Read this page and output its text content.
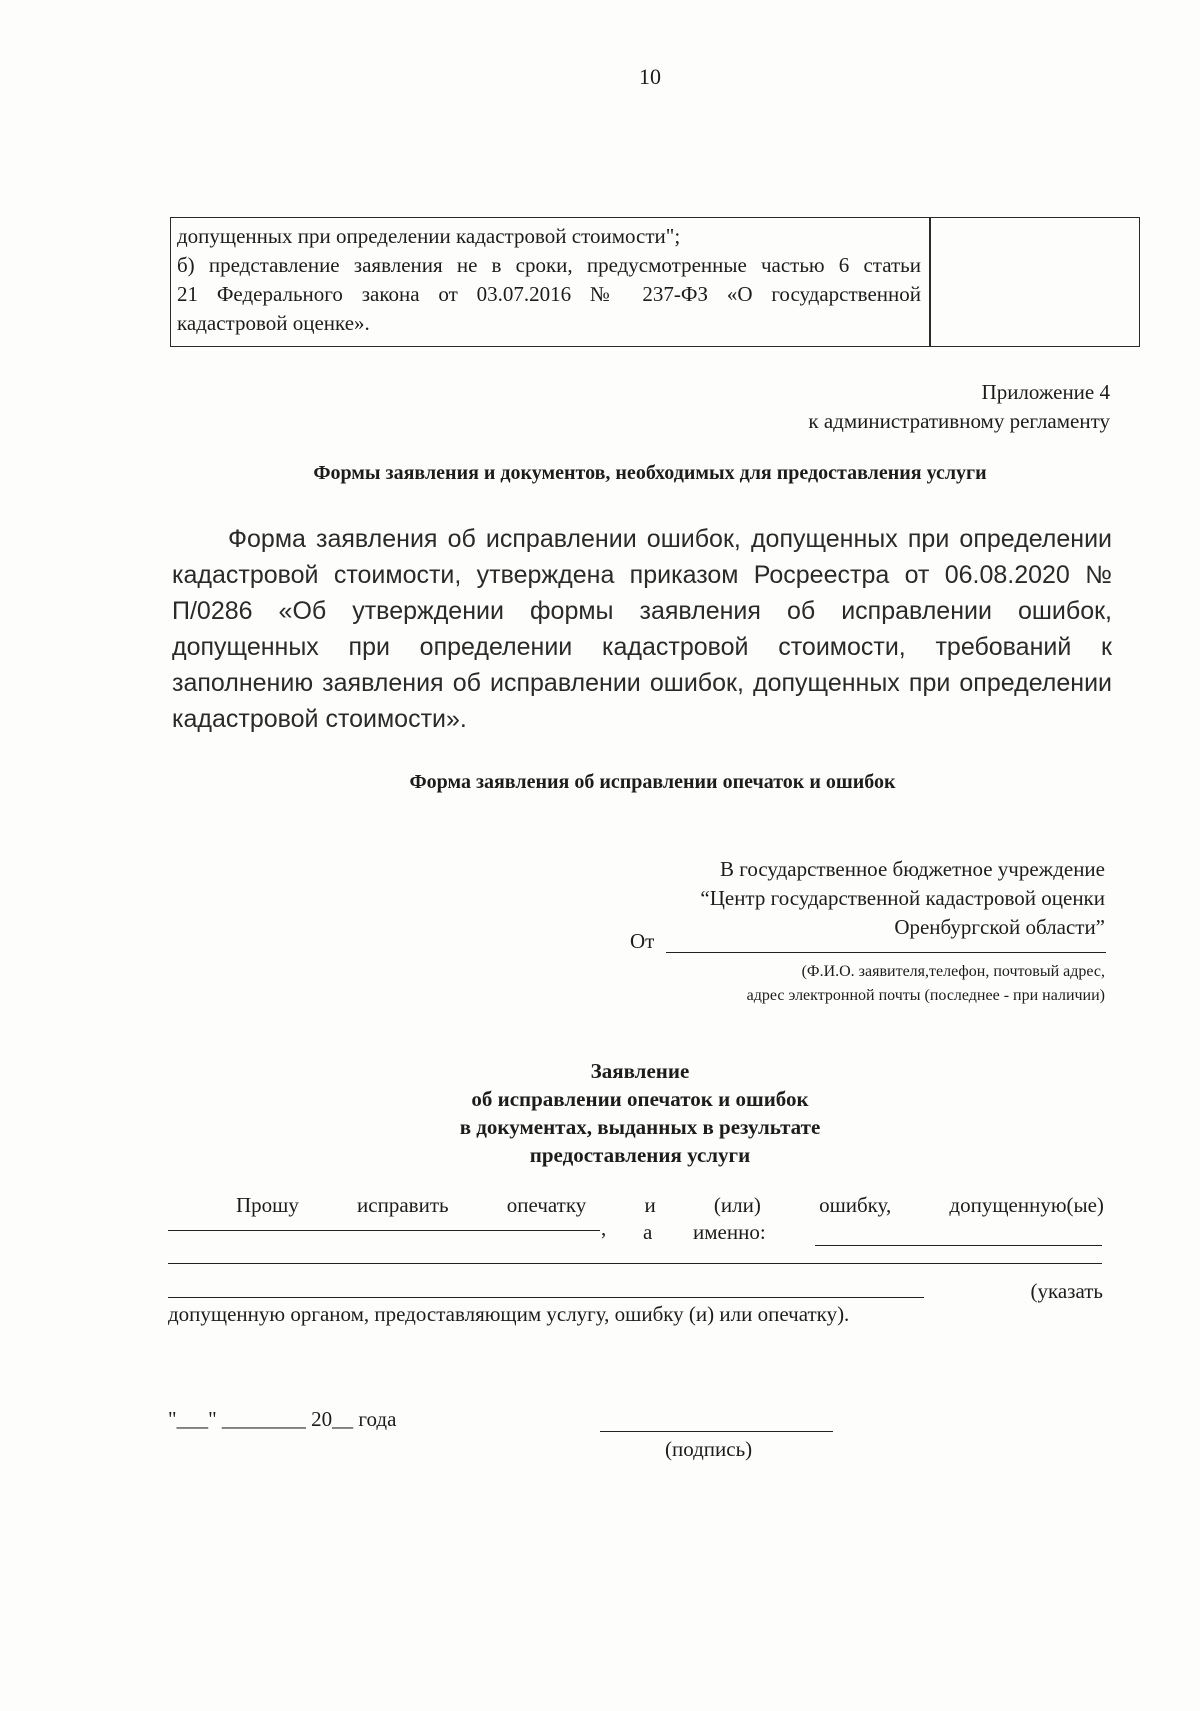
10
допущенных при определении кадастровой стоимости";
б) представление заявления не в сроки, предусмотренные частью 6 статьи
21 Федерального закона от 03.07.2016 № 237-ФЗ «О государственной
кадастровой оценке».
Приложение 4
к административному регламенту
Формы заявления и документов, необходимых для предоставления услуги
Форма заявления об исправлении ошибок, допущенных при определении
кадастровой стоимости, утверждена приказом Росреестра от 06.08.2020 №
П/0286 «Об утверждении формы заявления об исправлении ошибок,
допущенных при определении кадастровой стоимости, требований к
заполнению заявления об исправлении ошибок, допущенных при определении
кадастровой стоимости».
Форма заявления об исправлении опечаток и ошибок
В государственное бюджетное учреждение
“Центр государственной кадастровой оценки
Оренбургской области”
От
(Ф.И.О. заявителя,телефон, почтовый адрес,
адрес электронной почты (последнее - при наличии)
Заявление
об исправлении опечаток и ошибок
в документах, выданных в результате
предоставления услуги
Прошу	исправить	опечатку	и	(или)	ошибку,	допущенную(ые)
, а именно:
(указать
допущенную органом, предоставляющим услугу, ошибку (и) или опечатку).
"___" ________ 20__ года
(подпись)
